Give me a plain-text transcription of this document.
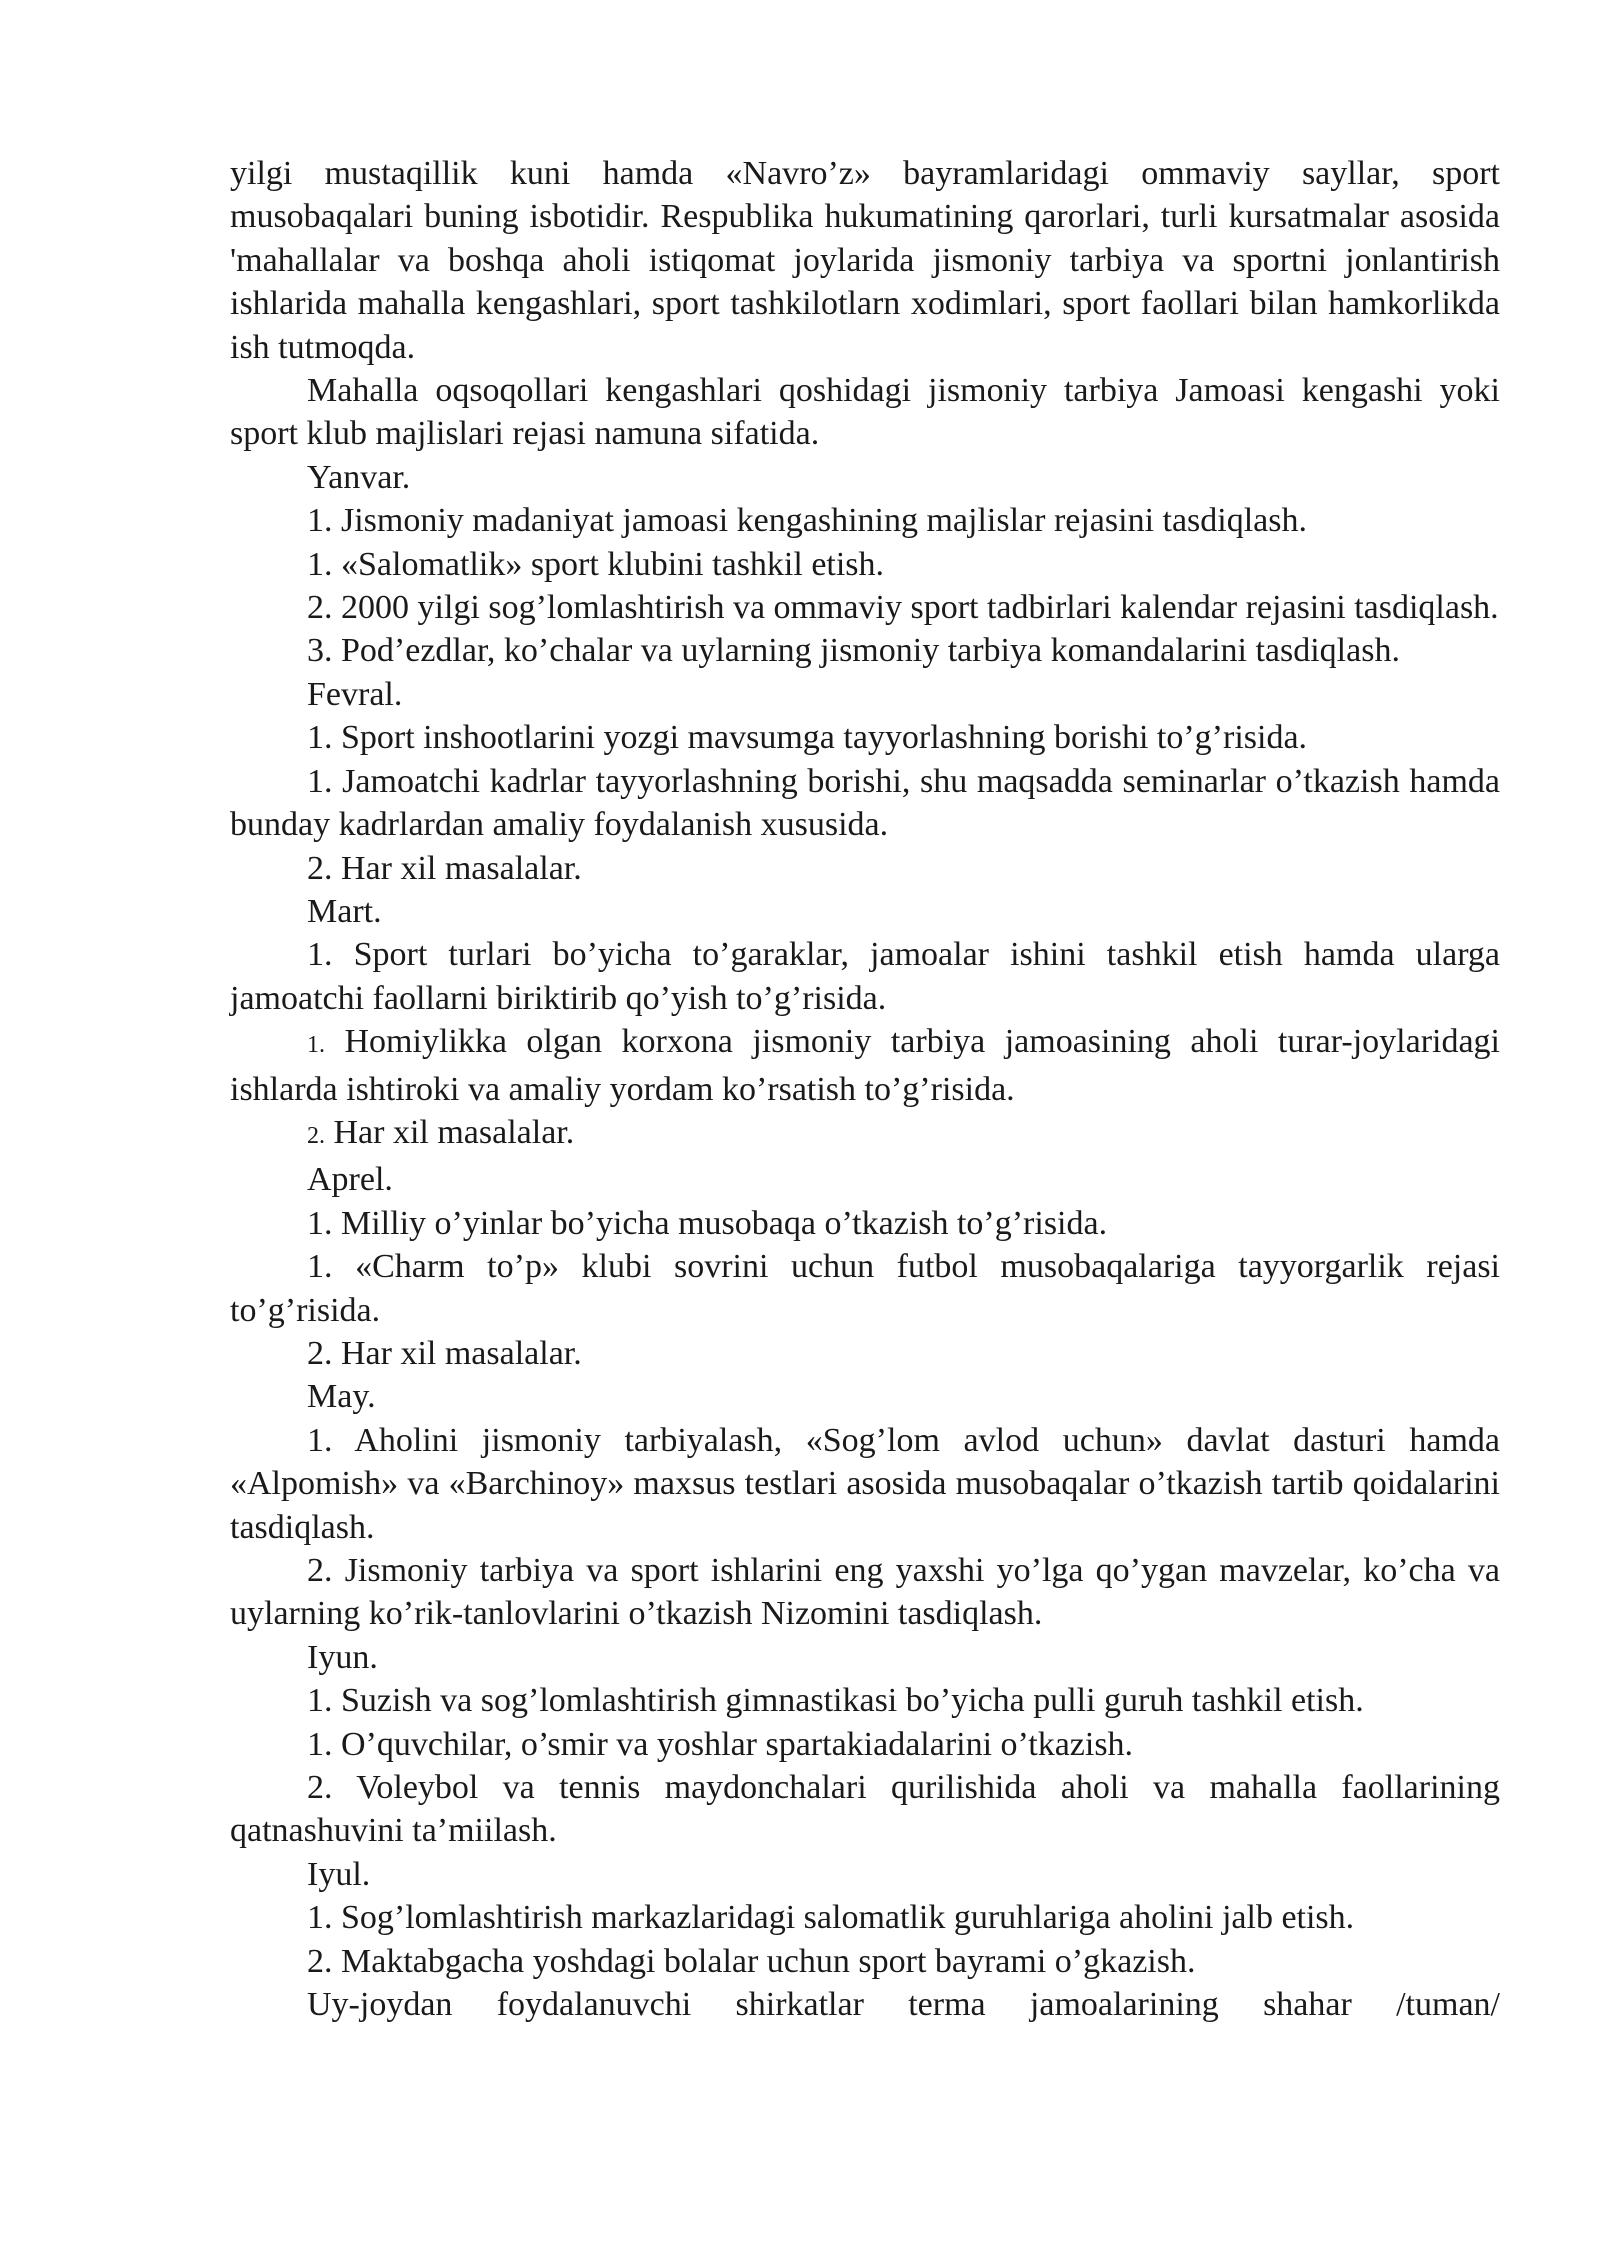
yilgi mustaqillik kuni hamda «Navro’z» bayramlaridagi ommaviy sayllar, sport musobaqalari buning isbotidir. Respublika hukumatining qarorlari, turli kursatmalar asosida 'mahallalar va boshqa aholi istiqomat joylarida jismoniy tarbiya va sportni jonlantirish ishlarida mahalla kengashlari, sport tashkilotlarn xodimlari, sport faollari bilan hamkorlikda ish tutmoqda.

Mahalla oqsoqollari kengashlari qoshidagi jismoniy tarbiya Jamoasi kengashi yoki sport klub majlislari rejasi namuna sifatida.

Yanvar.

1. Jismoniy madaniyat jamoasi kengashining majlislar rejasini tasdiqlash.

1. «Salomatlik» sport klubini tashkil etish.

2. 2000 yilgi sog’lomlashtirish va ommaviy sport tadbirlari kalendar rejasini tasdiqlash.

3. Pod’ezdlar, ko’chalar va uylarning jismoniy tarbiya komandalarini tasdiqlash.

Fevral.

1. Sport inshootlarini yozgi mavsumga tayyorlashning borishi to’g’risida.

1. Jamoatchi kadrlar tayyorlashning borishi, shu maqsadda seminarlar o’tkazish hamda bunday kadrlardan amaliy foydalanish xususida.

2. Har xil masalalar.

Mart.

1. Sport turlari bo’yicha to’garaklar, jamoalar ishini tashkil etish hamda ularga jamoatchi faollarni biriktirib qo’yish to’g’risida.

1. Homiylikka olgan korxona jismoniy tarbiya jamoasining aholi turar-joylaridagi ishlarda ishtiroki va amaliy yordam ko’rsatish to’g’risida.

2. Har xil masalalar.

Aprel.

1. Milliy o’yinlar bo’yicha musobaqa o’tkazish to’g’risida.

1. «Charm to’p» klubi sovrini uchun futbol musobaqalariga tayyorgarlik rejasi to’g’risida.

2. Har xil masalalar.

May.

1. Aholini jismoniy tarbiyalash, «Sog’lom avlod uchun» davlat dasturi hamda «Alpomish» va «Barchinoy» maxsus testlari asosida musobaqalar o’tkazish tartib qoidalarini tasdiqlash.

2. Jismoniy tarbiya va sport ishlarini eng yaxshi yo’lga qo’ygan mavzelar, ko’cha va uylarning ko’rik-tanlovlarini o’tkazish Nizomini tasdiqlash.

Iyun.

1. Suzish va sog’lomlashtirish gimnastikasi bo’yicha pulli guruh tashkil etish.

1. O’quvchilar, o’smir va yoshlar spartakiadalarini o’tkazish.

2. Voleybol va tennis maydonchalari qurilishida aholi va mahalla faollarining qatnashuvini ta’miilash.

Iyul.

1. Sog’lomlashtirish markazlaridagi salomatlik guruhlariga aholini jalb etish.

2. Maktabgacha yoshdagi bolalar uchun sport bayrami o’gkazish.

Uy-joydan foydalanuvchi shirkatlar terma jamoalarining shahar /tuman/
